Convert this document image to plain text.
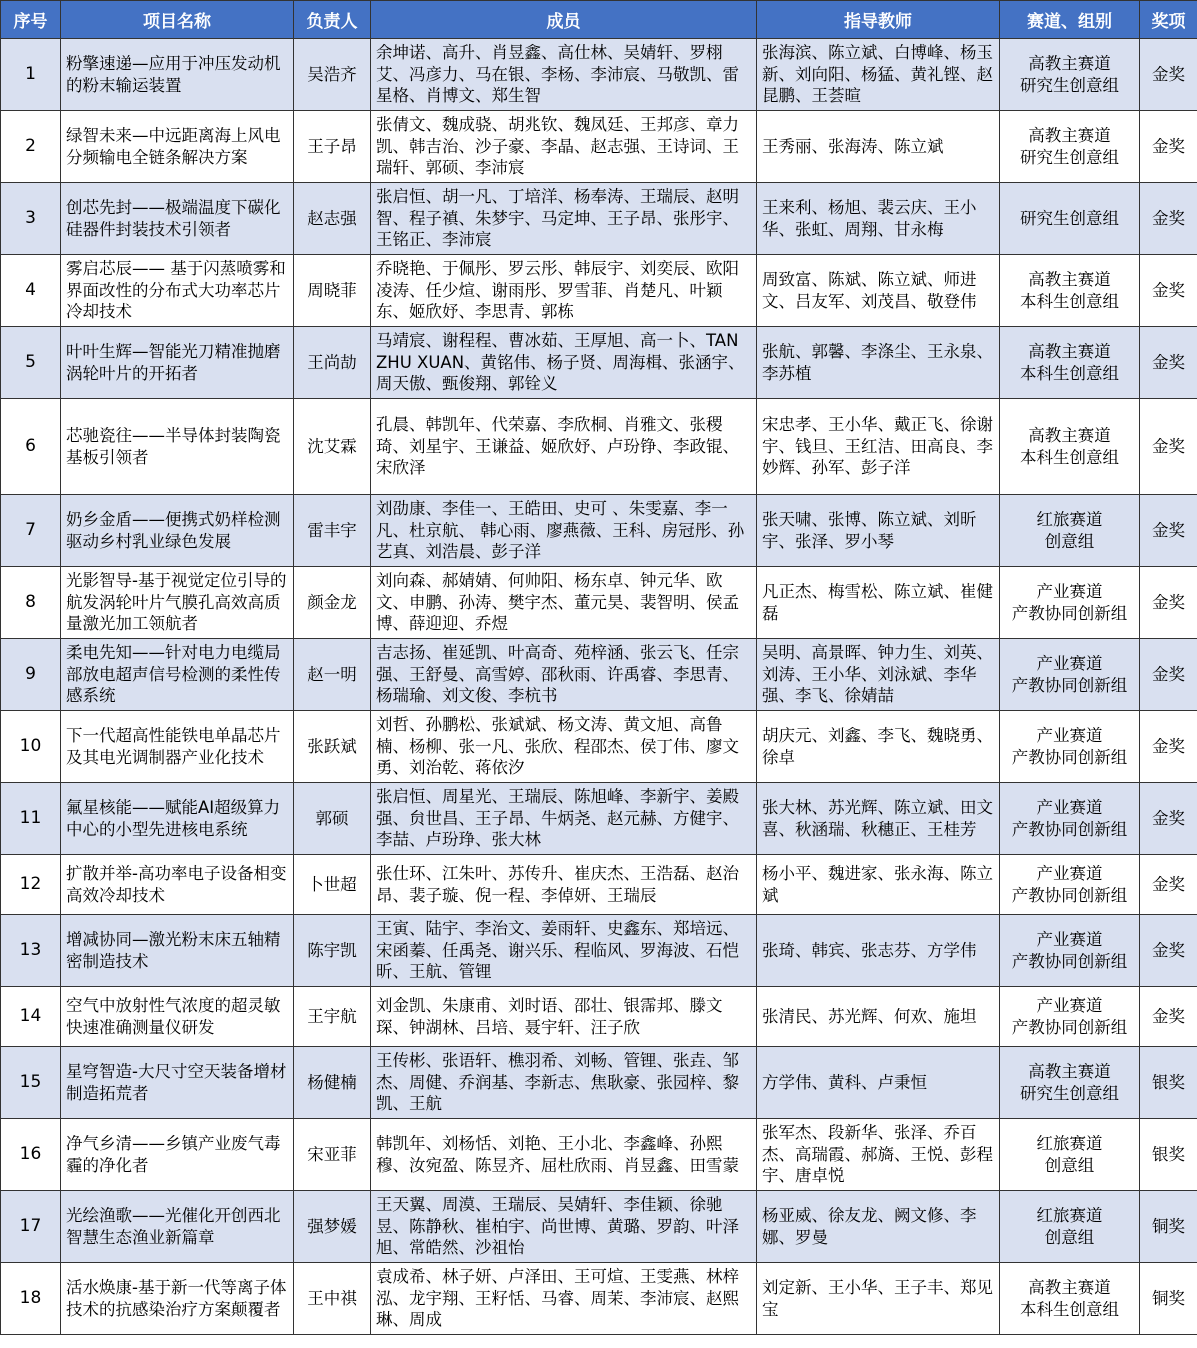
序号	项目名称	负责人	成员	指导教师	赛道、组别	奖项
1	粉擎速递—应用于冲压发动机的粉末输运装置	吴浩齐	余坤诺、高升、肖昱鑫、高仕林、吴婧轩、罗栩艾、冯彦力、马在银、李杨、李沛宸、马敬凯、雷星格、肖博文、郑生智	张海滨、陈立斌、白博峰、杨玉新、刘向阳、杨猛、黄礼铿、赵昆鹏、王荟暄	高教主赛道
研究生创意组	金奖
2	绿智未来—中远距离海上风电分频输电全链条解决方案	王子昂	张倩文、魏成骁、胡兆钦、魏凤廷、王邦彦、章力凯、韩吉治、沙子豪、李晶、赵志强、王诗词、王瑞轩、郭硕、李沛宸	王秀丽、张海涛、陈立斌	高教主赛道
研究生创意组	金奖
3	创芯先封——极端温度下碳化硅器件封装技术引领者	赵志强	张启恒、胡一凡、丁培洋、杨奉涛、王瑞辰、赵明智、程子禛、朱梦宇、马定坤、王子昂、张彤宇、王铭正、李沛宸	王来利、杨旭、裴云庆、王小华、张虹、周翔、甘永梅	研究生创意组	金奖
4	雾启芯辰—— 基于闪蒸喷雾和界面改性的分布式大功率芯片冷却技术	周晓菲	乔晓艳、于佩彤、罗云彤、韩辰宇、刘奕辰、欧阳凌涛、任少煊、谢雨彤、罗雪菲、肖楚凡、叶颖东、姬欣妤、李思青、郭栋	周致富、陈斌、陈立斌、师进文、吕友军、刘茂昌、敬登伟	高教主赛道
本科生创意组	金奖
5	叶叶生辉—智能光刀精准抛磨涡轮叶片的开拓者	王尚劼	马靖宸、谢程程、曹冰茹、王厚旭、高一卜、TAN ZHU XUAN、黄铭伟、杨子贤、周海楫、张涵宇、周天傲、甄俊翔、郭铨义	张航、郭馨、李涤尘、王永泉、李苏植	高教主赛道
本科生创意组	金奖
6	芯驰瓷往——半导体封装陶瓷基板引领者	沈艾霖	孔晨、韩凯年、代荣嘉、李欣桐、肖雅文、张稷琦、刘星宇、王谦益、姬欣妤、卢玢铮、李政锟、宋欣泽	宋忠孝、王小华、戴正飞、徐谢宇、钱旦、王红洁、田高良、李妙辉、孙军、彭子洋	高教主赛道
本科生创意组	金奖
7	奶乡金盾——便携式奶样检测驱动乡村乳业绿色发展	雷丰宇	刘劭康、李佳一、王皓田、史可 、朱雯嘉、李一凡、杜京航、 韩心雨、廖燕薇、王科、房冠彤、孙艺真、刘浩晨、彭子洋	张天啸、张博、陈立斌、刘昕宇、张泽、罗小琴	红旅赛道
创意组	金奖
8	光影智导-基于视觉定位引导的航发涡轮叶片气膜孔高效高质量激光加工领航者	颜金龙	刘向森、郝婧婧、何帅阳、杨东卓、钟元华、欧文、申鹏、孙涛、樊宇杰、董元昊、裴智明、侯孟博、薛迎迎、乔煜	凡正杰、梅雪松、陈立斌、崔健磊	产业赛道
产教协同创新组	金奖
9	柔电先知——针对电力电缆局部放电超声信号检测的柔性传感系统	赵一明	吉志扬、崔延凯、叶高奇、苑梓涵、张云飞、任宗强、王舒曼、高雪婷、邵秋雨、许禹睿、李思青、杨瑞瑜、刘文俊、李杭书	吴明、高景晖、钟力生、刘英、刘涛、王小华、刘泳斌、李华强、李飞、徐婧喆	产业赛道
产教协同创新组	金奖
10	下一代超高性能铁电单晶芯片及其电光调制器产业化技术	张跃斌	刘哲、孙鹏松、张斌斌、杨文涛、黄文旭、高鲁楠、杨柳、张一凡、张欣、程邵杰、侯丁伟、廖文勇、刘治乾、蒋依汐	胡庆元、刘鑫、李飞、魏晓勇、徐卓	产业赛道
产教协同创新组	金奖
11	氟星核能——赋能AI超级算力中心的小型先进核电系统	郭硕	张启恒、周星光、王瑞辰、陈旭峰、李新宇、姜殿强、贠世昌、王子昂、牛炳尧、赵元赫、方健宇、李喆、卢玢琤、张大林	张大林、苏光辉、陈立斌、田文喜、秋涵瑞、秋穗正、王桂芳	产业赛道
产教协同创新组	金奖
12	扩散并举-高功率电子设备相变高效冷却技术	卜世超	张仕环、江朱叶、苏传升、崔庆杰、王浩磊、赵治昂、裴子璇、倪一程、李倬妍、王瑞辰	杨小平、魏进家、张永海、陈立斌	产业赛道
产教协同创新组	金奖
13	增减协同—激光粉末床五轴精密制造技术	陈宇凯	王寅、陆宇、李治文、姜雨轩、史鑫东、郑培远、宋函蓁、任禹尧、谢兴乐、程临风、罗海波、石恺昕、王航、管锂	张琦、韩宾、张志芬、方学伟	产业赛道
产教协同创新组	金奖
14	空气中放射性气浓度的超灵敏快速准确测量仪研发	王宇航	刘金凯、朱康甫、刘时语、邵壮、银霈邦、滕文琛、钟湖林、吕培、聂宇轩、汪子欣	张清民、苏光辉、何欢、施坦	产业赛道
产教协同创新组	金奖
15	星穹智造-大尺寸空天装备增材制造拓荒者	杨健楠	王传彬、张语轩、樵羽希、刘畅、管锂、张垚、邹杰、周健、乔润基、李新志、焦耿豪、张园梓、黎凯、王航	方学伟、黄科、卢秉恒	高教主赛道
研究生创意组	银奖
16	净气乡清——乡镇产业废气毒霾的净化者	宋亚菲	韩凯年、刘杨恬、刘艳、王小北、李鑫峰、孙熙穆、汝宛盈、陈昱齐、屈杜欣雨、肖昱鑫、田雪蒙	张军杰、段新华、张泽、乔百杰、高瑞霞、郝旖、王悦、彭程宇、唐卓悦	红旅赛道
创意组	银奖
17	光绘渔歌——光催化开创西北智慧生态渔业新篇章	强梦媛	王天翼、周漠、王瑞辰、吴婧轩、李佳颖、徐驰昱、陈静秋、崔柏宇、尚世博、黄璐、罗韵、叶泽旭、常皓然、沙祖怡	杨亚威、徐友龙、阙文修、李娜、罗曼	红旅赛道
创意组	铜奖
18	活水焕康-基于新一代等离子体技术的抗感染治疗方案颠覆者	王中祺	袁成希、林子妍、卢泽田、王可煊、王雯燕、林梓泓、龙宇翔、王籽恬、马睿、周茉、李沛宸、赵熙琳、周成	刘定新、王小华、王子丰、郑见宝	高教主赛道
本科生创意组	铜奖
